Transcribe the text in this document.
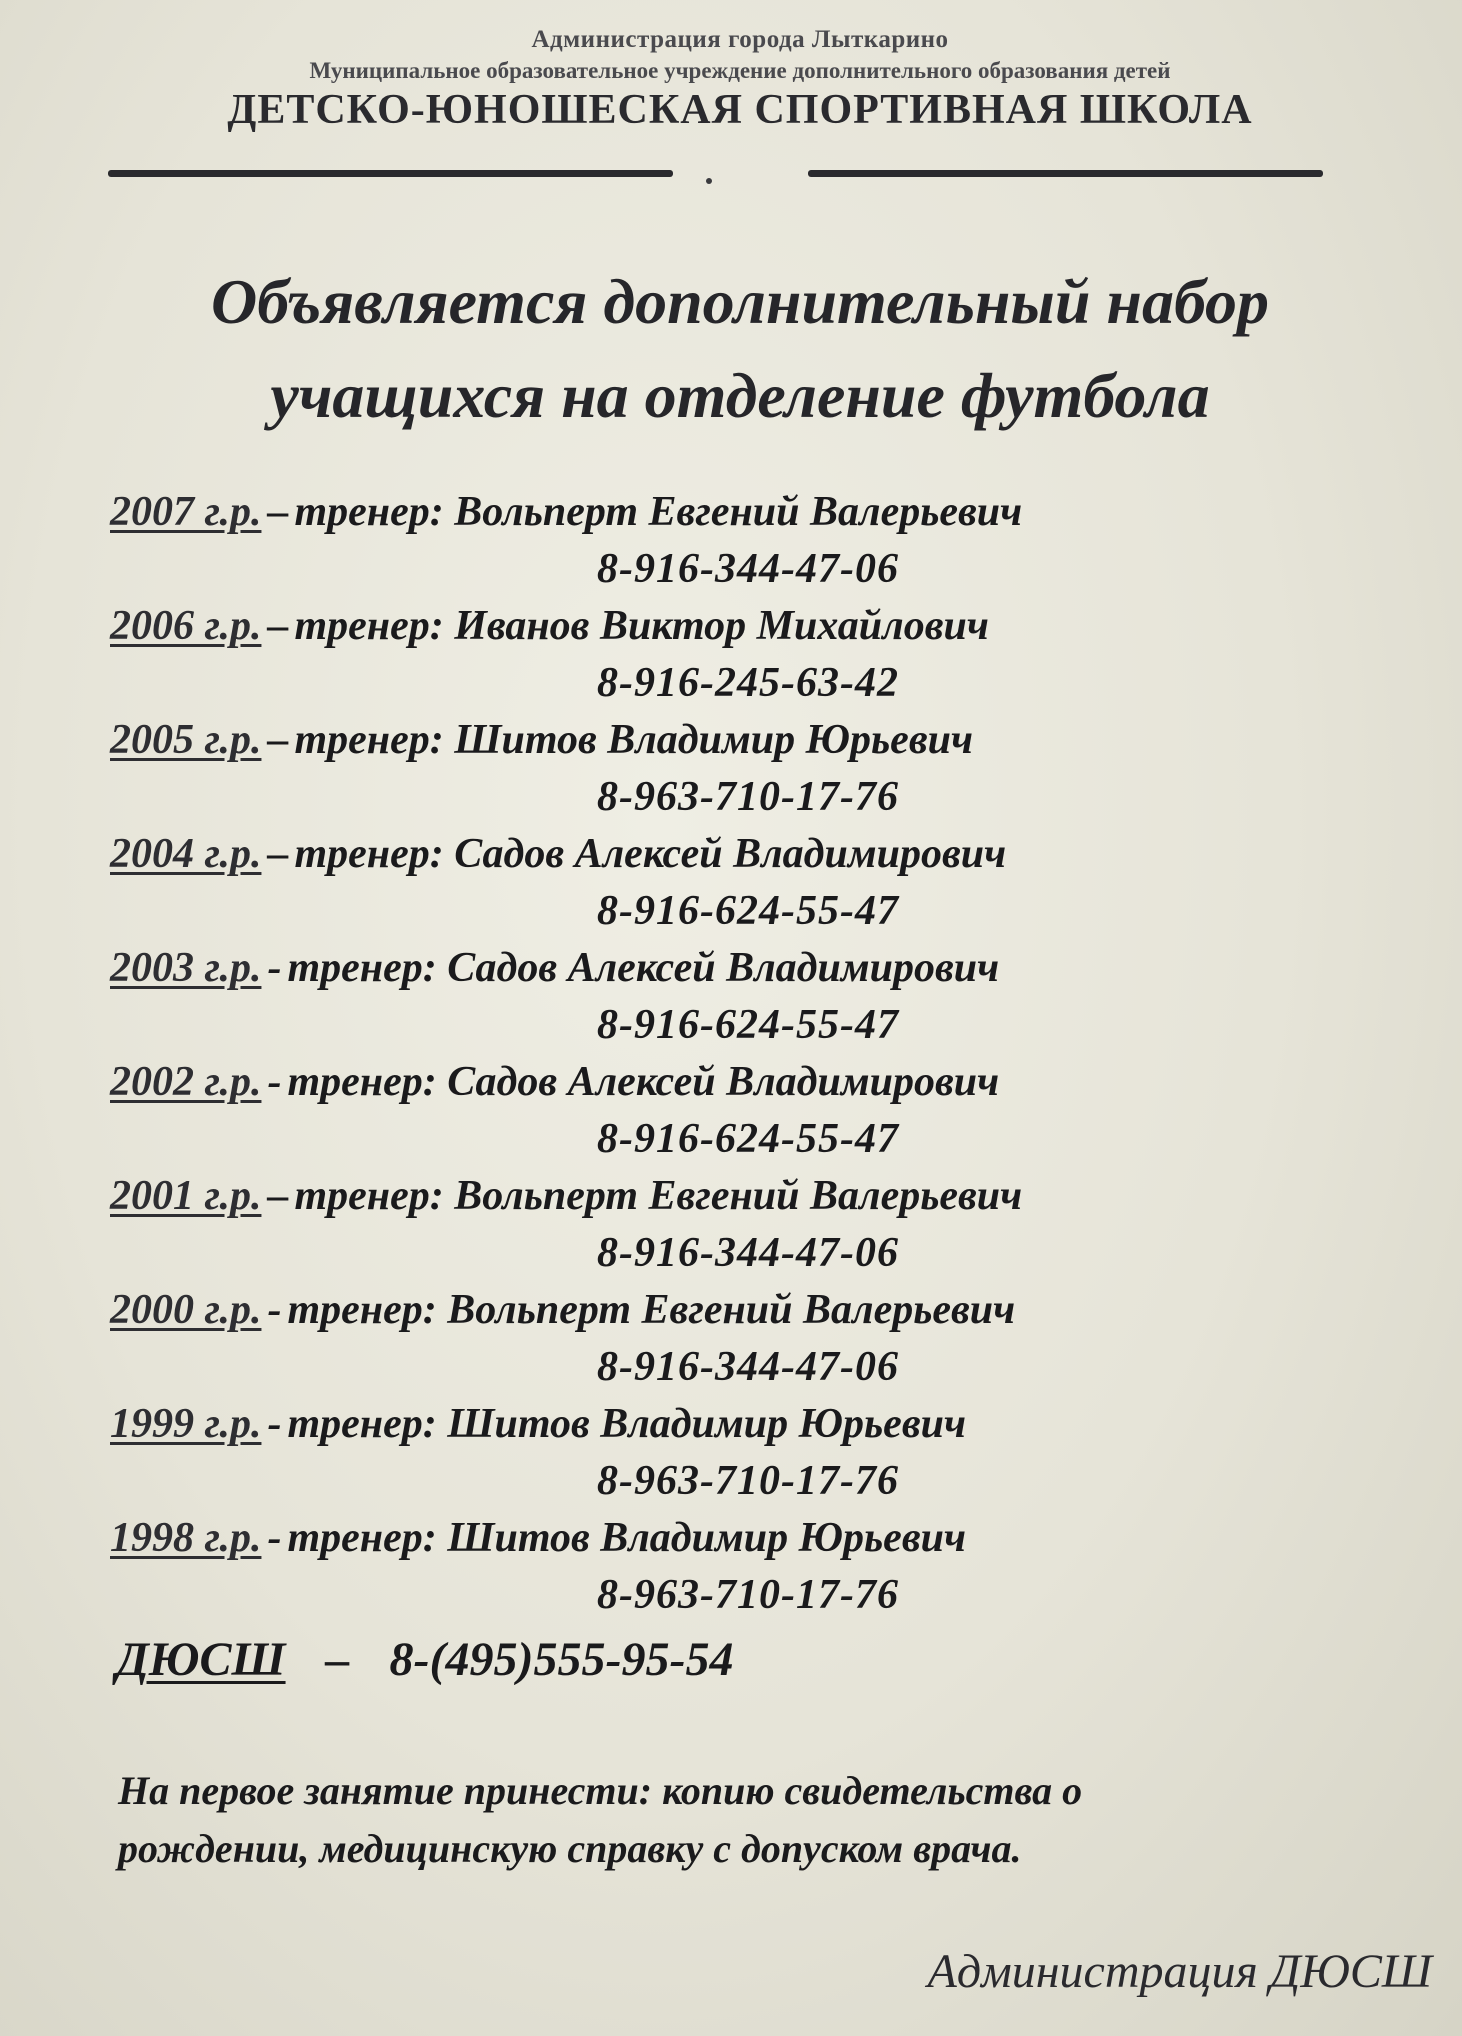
Администрация города Лыткарино
Муниципальное образовательное учреждение дополнительного образования детей
ДЕТСКО-ЮНОШЕСКАЯ СПОРТИВНАЯ ШКОЛА
Объявляется дополнительный набор
учащихся на отделение футбола
2007 г.р. – тренер: Вольперт Евгений Валерьевич
8-916-344-47-06
2006 г.р. – тренер: Иванов Виктор Михайлович
8-916-245-63-42
2005 г.р. – тренер: Шитов Владимир Юрьевич
8-963-710-17-76
2004 г.р. – тренер: Садов Алексей Владимирович
8-916-624-55-47
2003 г.р. - тренер: Садов Алексей Владимирович
8-916-624-55-47
2002 г.р. - тренер: Садов Алексей Владимирович
8-916-624-55-47
2001 г.р. – тренер: Вольперт Евгений Валерьевич
8-916-344-47-06
2000 г.р. - тренер: Вольперт Евгений Валерьевич
8-916-344-47-06
1999 г.р. - тренер: Шитов Владимир Юрьевич
8-963-710-17-76
1998 г.р. - тренер: Шитов Владимир Юрьевич
8-963-710-17-76
ДЮСШ – 8-(495)555-95-54
На первое занятие принести: копию свидетельства о
рождении, медицинскую справку с допуском врача.
Администрация ДЮСШ
